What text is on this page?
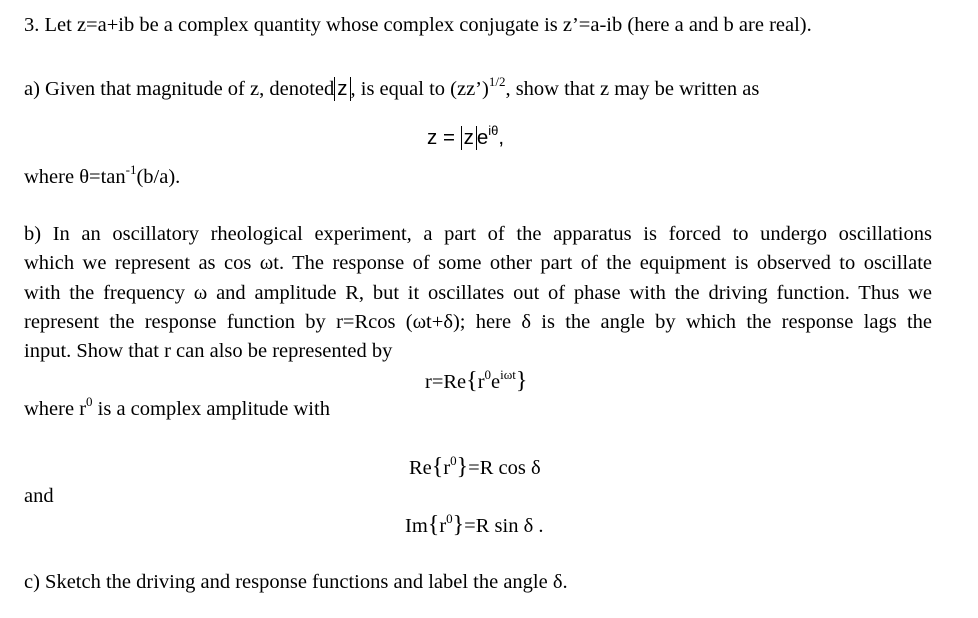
3. Let z=a+ib be a complex quantity whose complex conjugate is z’=a-ib (here a and b are real).
a) Given that magnitude of z, denoted z , is equal to (zz’)$^{1/2}$, show that z may be written as
z = z $e^{i\theta}$,
where $\theta=\tan^{-1}(b/a)$.
b) In an oscillatory rheological experiment, a part of the apparatus is forced to undergo oscillations
which we represent as cos ωt. The response of some other part of the equipment is observed to oscillate
with the frequency ω and amplitude R, but it oscillates out of phase with the driving function. Thus we
represent the response function by r=Rcos (ωt+δ); here δ is the angle by which the response lags the
input. Show that r can also be represented by
$r=Re\{r^0e^{i\omega t}\}$
where $r^0$ is a complex amplitude with
$Re\{r^0\}=R$ cos δ
and
$Im\{r^0\}=R$ sin δ .
c) Sketch the driving and response functions and label the angle δ.
